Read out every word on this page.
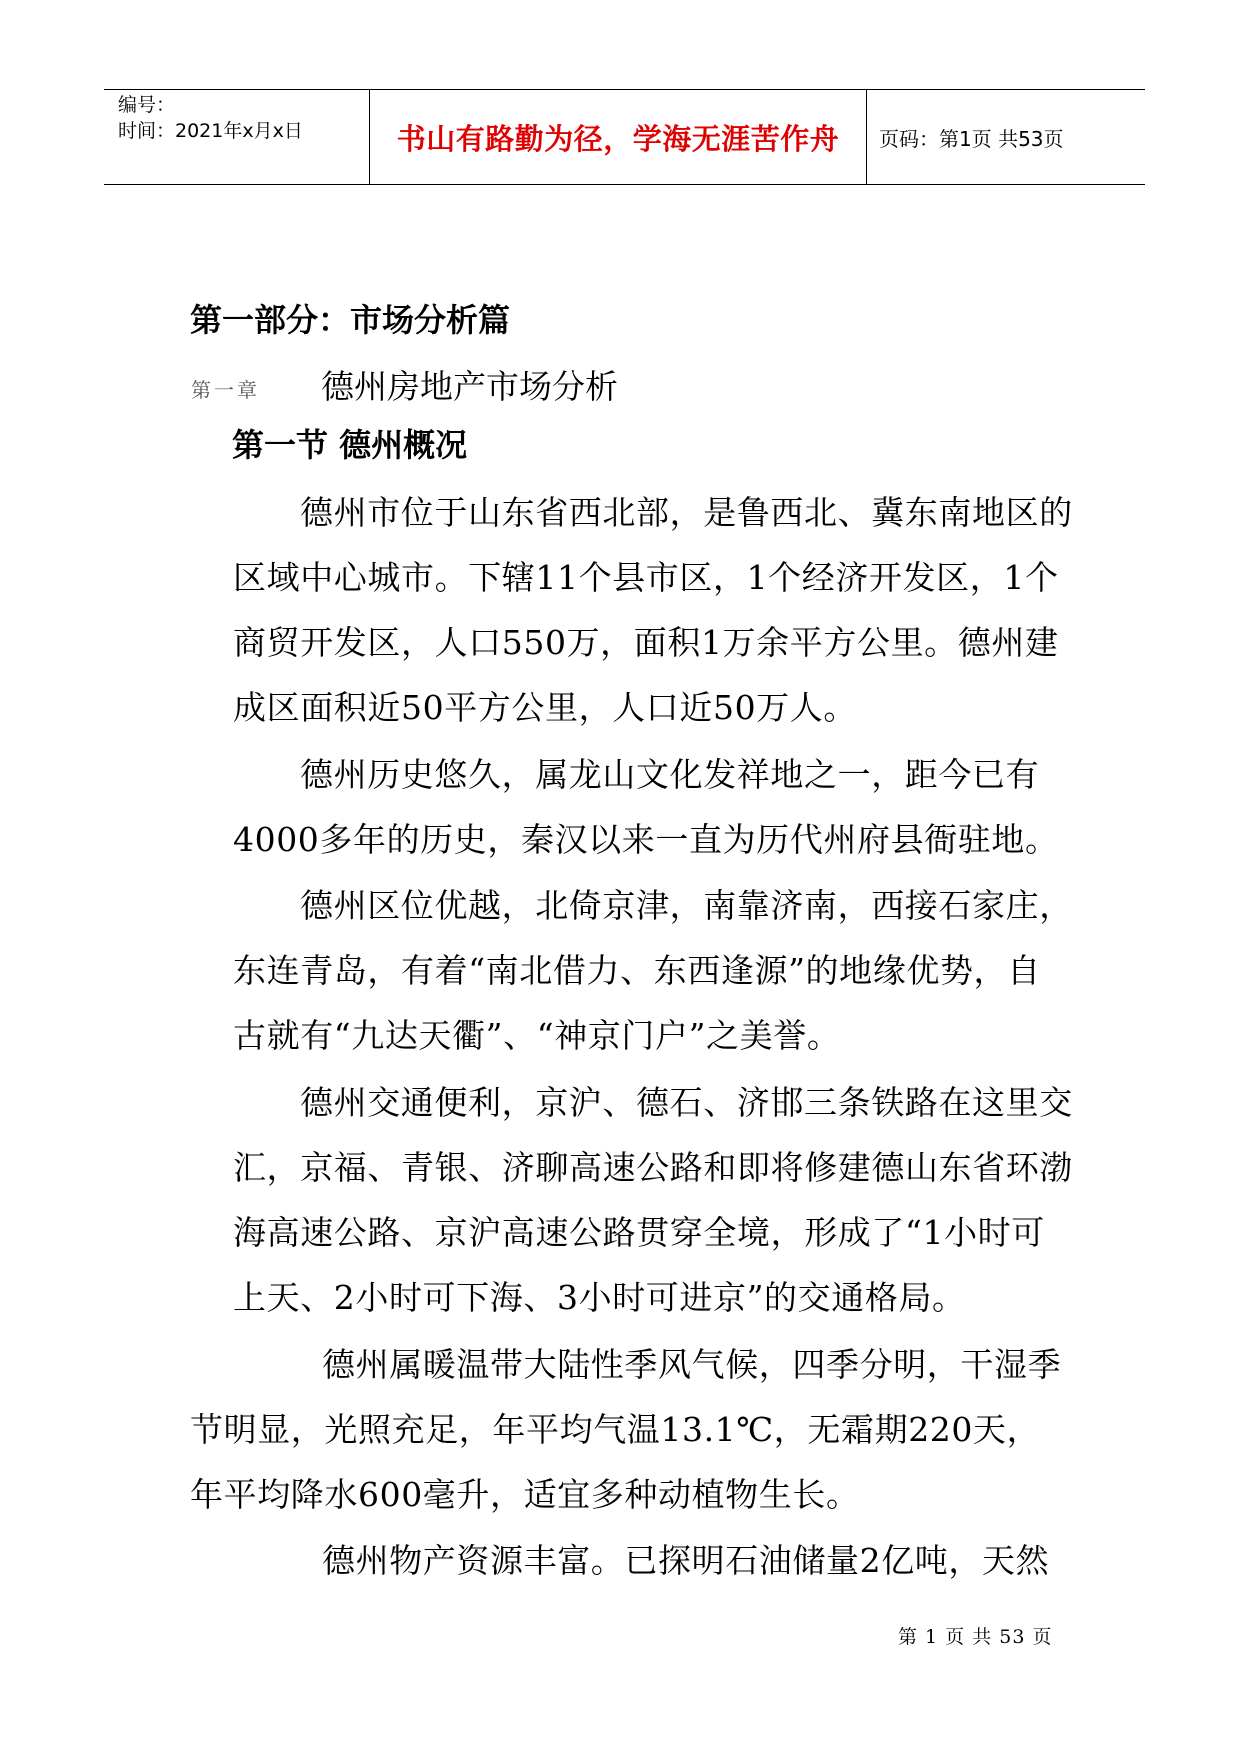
编号：
时间：2021年x月x日	书山有路勤为径，学海无涯苦作舟 页码：第1页 共53页
第一部分：市场分析篇
第一章 德州房地产市场分析
第一节 德州概况
德州市位于山东省西北部，是鲁西北、冀东南地区的
区域中心城市。下辖11个县市区，1个经济开发区，1个
商贸开发区，人口550万，面积1万余平方公里。德州建
成区面积近50平方公里，人口近50万人。
德州历史悠久，属龙山文化发祥地之一，距今已有
4000多年的历史，秦汉以来一直为历代州府县衙驻地。
德州区位优越，北倚京津，南靠济南，西接石家庄，
东连青岛，有着“南北借力、东西逢源”的地缘优势，自
古就有“九达天衢”、“神京门户”之美誉。
德州交通便利，京沪、德石、济邯三条铁路在这里交
汇，京福、青银、济聊高速公路和即将修建德山东省环渤
海高速公路、京沪高速公路贯穿全境，形成了“1小时可
上天、2小时可下海、3小时可进京”的交通格局。
德州属暖温带大陆性季风气候，四季分明，干湿季
节明显，光照充足，年平均气温13.1℃，无霜期220天，
年平均降水600毫升，适宜多种动植物生长。
德州物产资源丰富。已探明石油储量2亿吨，天然
第 1 页 共 53 页
